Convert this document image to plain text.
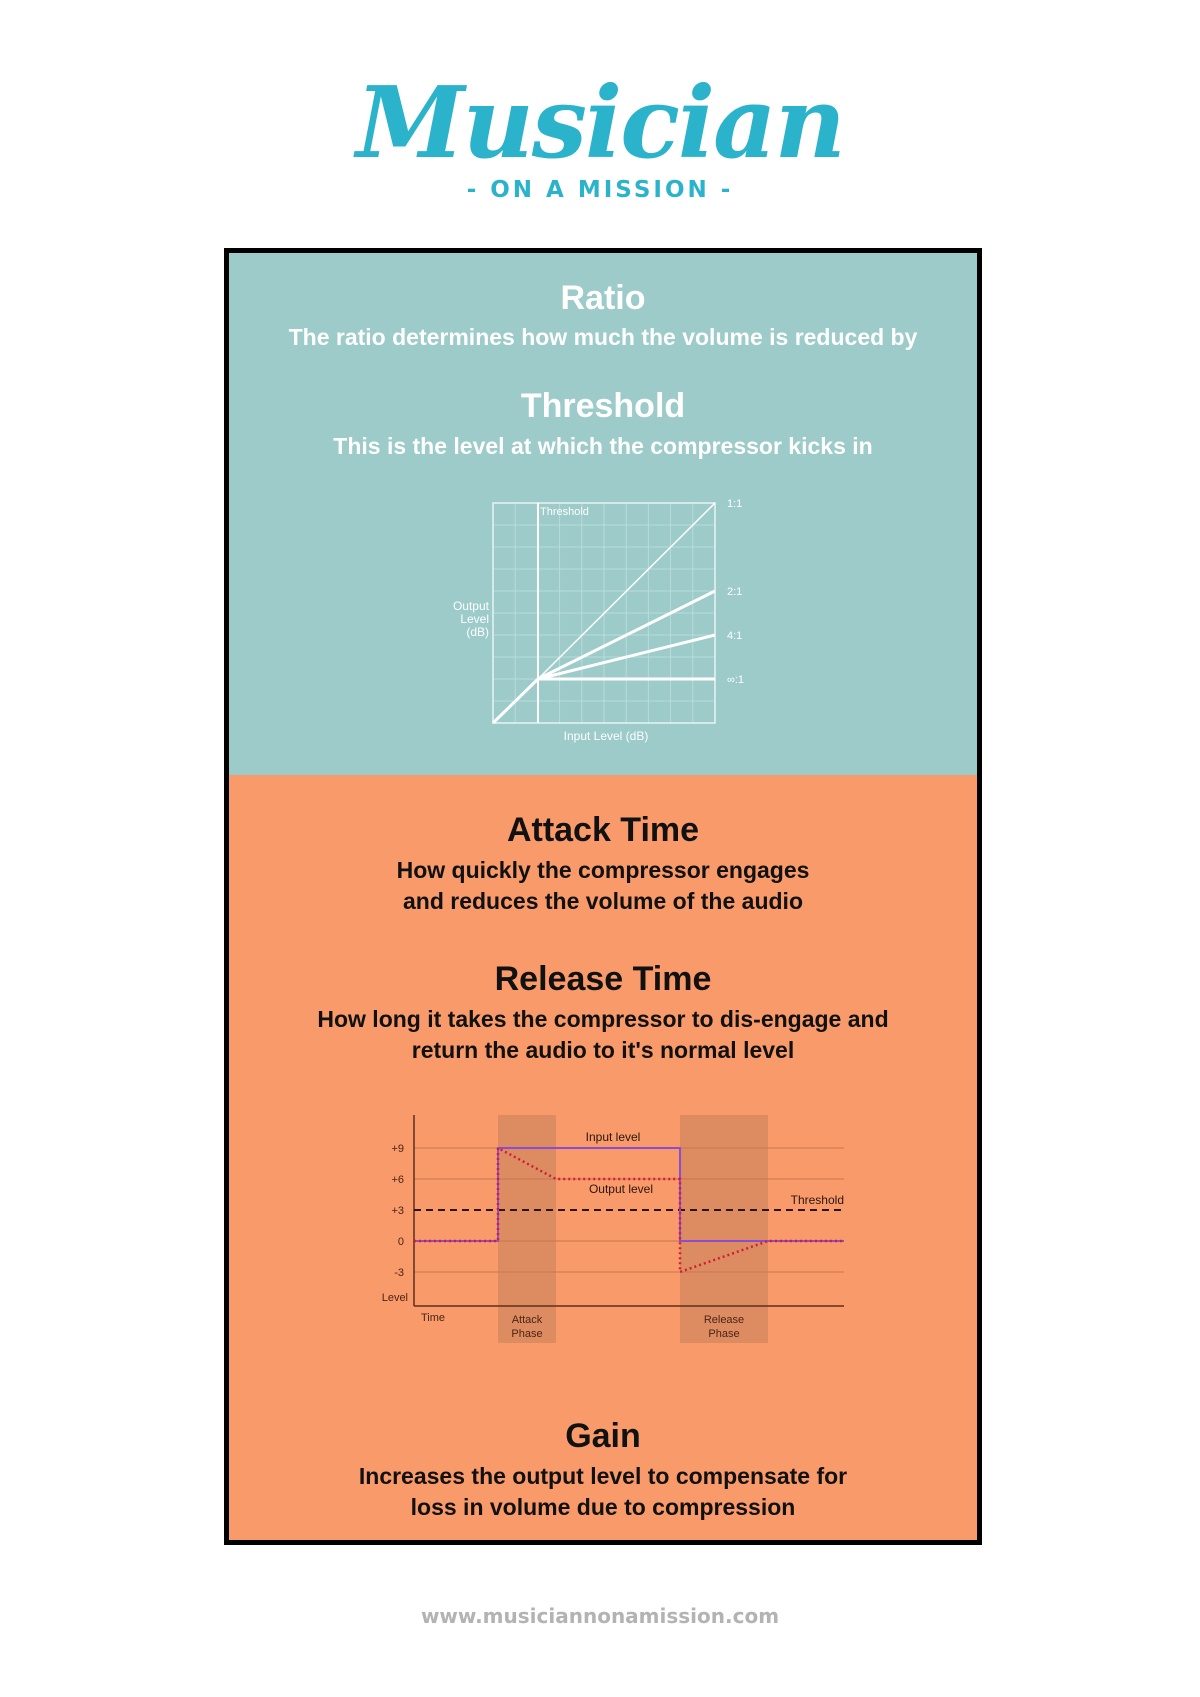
Musician
- ON A MISSION -
Ratio
The ratio determines how much the volume is reduced by
Threshold
This is the level at which the compressor kicks in
1:1
2:1
4:1
∞:1
Threshold
Output
Level
(dB)
Input Level (dB)
Attack Time
How quickly the compressor engages
and reduces the volume of the audio
Release Time
How long it takes the compressor to dis-engage and
return the audio to it's normal level
+9
+6
+3
0
-3
Level
Time
Input level
Output level
Threshold
Attack
Phase
Release
Phase
Gain
Increases the output level to compensate for
loss in volume due to compression
www.musiciannonamission.com
